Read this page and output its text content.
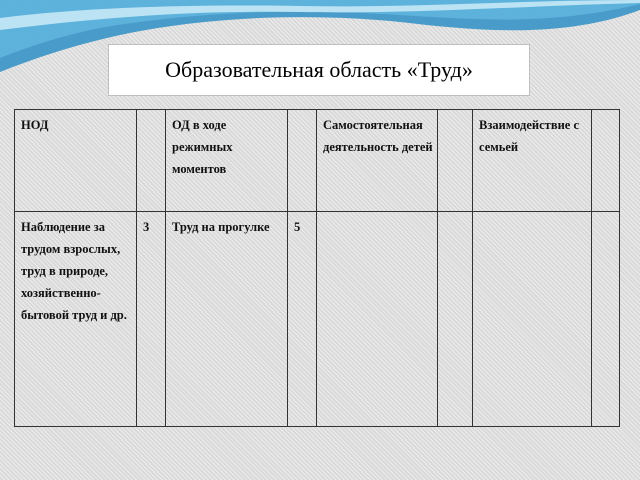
Образовательная область «Труд»
НОД		ОД в ходе режимных моментов		Самостоятельная деятельность детей		Взаимодействие с семьей	
Наблюдение за трудом взрослых, труд в природе, хозяйственно-бытовой труд и др.	3	Труд на прогулке	5				
